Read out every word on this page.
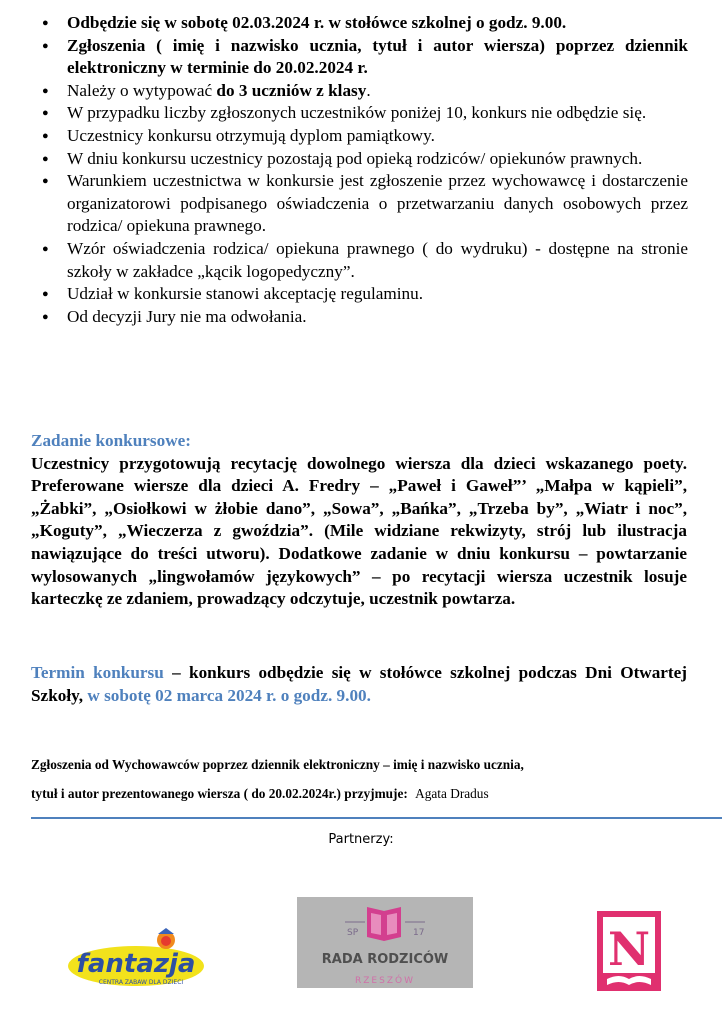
● Odbędzie się w sobotę 02.03.2024 r. w stołówce szkolnej o godz. 9.00.
● Zgłoszenia ( imię i nazwisko ucznia, tytuł i autor wiersza) poprzez dziennik elektroniczny w terminie do 20.02.2024 r.
● Należy o wytypować do 3 uczniów z klasy.
● W przypadku liczby zgłoszonych uczestników poniżej 10, konkurs nie odbędzie się.
● Uczestnicy konkursu otrzymują dyplom pamiątkowy.
● W dniu konkursu uczestnicy pozostają pod opieką rodziców/ opiekunów prawnych.
● Warunkiem uczestnictwa w konkursie jest zgłoszenie przez wychowawcę i dostarczenie organizatorowi podpisanego oświadczenia o przetwarzaniu danych osobowych przez rodzica/ opiekuna prawnego.
● Wzór oświadczenia rodzica/ opiekuna prawnego ( do wydruku) - dostępne na stronie szkoły w zakładce „kącik logopedyczny”.
● Udział w konkursie stanowi akceptację regulaminu.
● Od decyzji Jury nie ma odwołania.
Zadanie konkursowe:
Uczestnicy przygotowują recytację dowolnego wiersza dla dzieci wskazanego poety. Preferowane wiersze dla dzieci A. Fredry – „Paweł i Gaweł”’ „Małpa w kąpieli”, „Żabki”, „Osiołkowi w żłobie dano”, „Sowa”, „Bańka”, „Trzeba by”, „Wiatr i noc”, „Koguty”, „Wieczerza z gwoździa”. (Mile widziane rekwizyty, strój lub ilustracja nawiązujące do treści utworu). Dodatkowe zadanie w dniu konkursu – powtarzanie wylosowanych „lingwołamów językowych” – po recytacji wiersza uczestnik losuje karteczkę ze zdaniem, prowadzący odczytuje, uczestnik powtarza.
Termin konkursu – konkurs odbędzie się w stołówce szkolnej podczas Dni Otwartej Szkoły, w sobotę 02 marca 2024 r. o godz. 9.00.
Zgłoszenia od Wychowawców poprzez dziennik elektroniczny – imię i nazwisko ucznia,
tytuł i autor prezentowanego wiersza ( do 20.02.2024r.) przyjmuje: Agata Dradus
Partnerzy:
fantazja
CENTRA ZABAW DLA DZIECI
SP	17
RADA RODZICÓW
RZESZÓW
N
